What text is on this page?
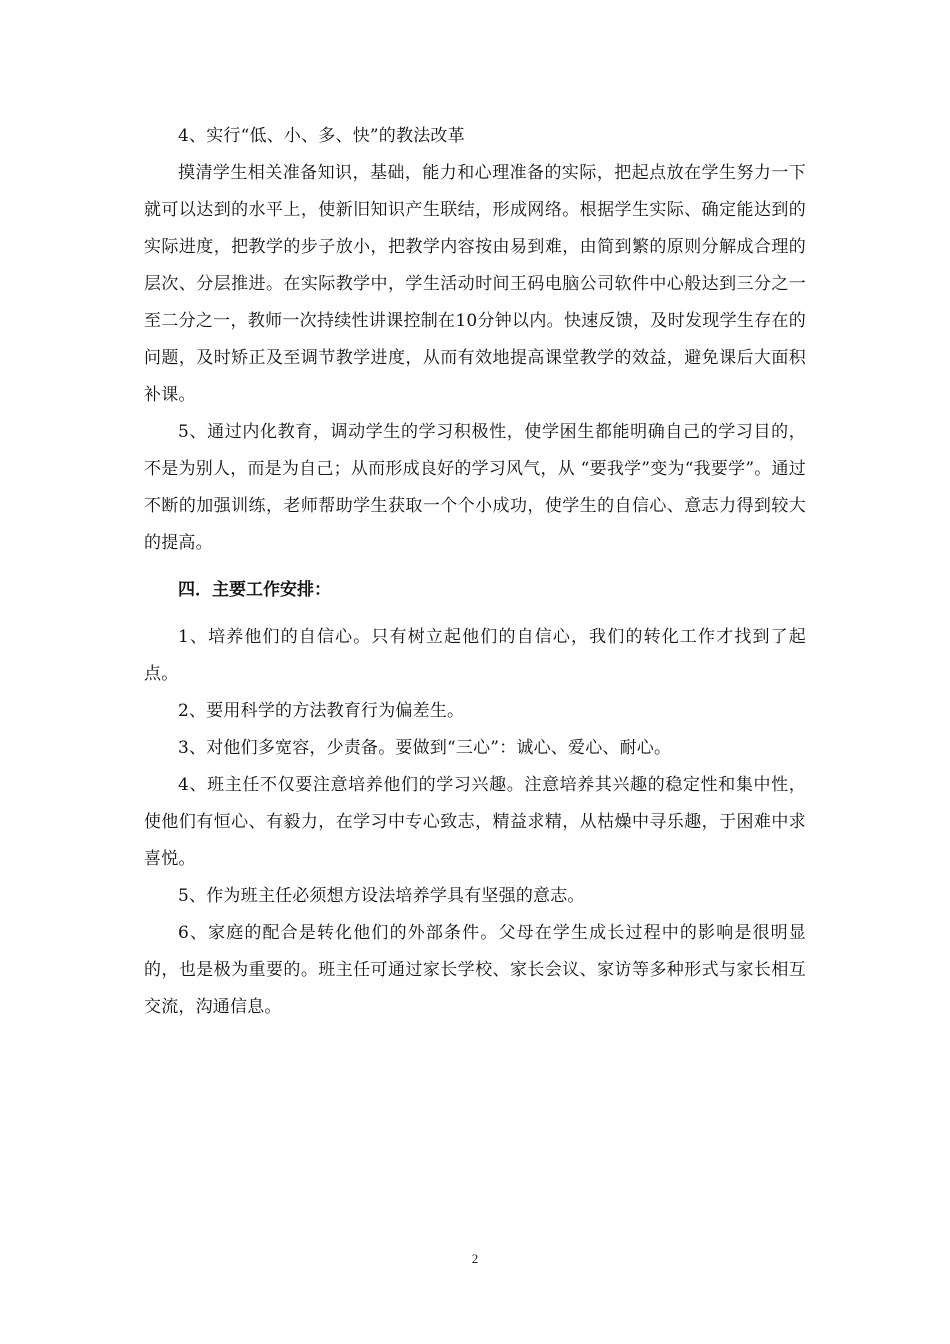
4、实行“低、小、多、快”的教法改革

摸清学生相关准备知识，基础，能力和心理准备的实际，把起点放在学生努力一下就可以达到的水平上，使新旧知识产生联结，形成网络。根据学生实际、确定能达到的实际进度，把教学的步子放小，把教学内容按由易到难，由简到繁的原则分解成合理的层次、分层推进。在实际教学中，学生活动时间王码电脑公司软件中心般达到三分之一至二分之一，教师一次持续性讲课控制在10分钟以内。快速反馈，及时发现学生存在的问题，及时矫正及至调节教学进度，从而有效地提高课堂教学的效益，避免课后大面积补课。

5、通过内化教育，调动学生的学习积极性，使学困生都能明确自己的学习目的，不是为别人，而是为自己；从而形成良好的学习风气，从 “要我学”变为“我要学”。通过不断的加强训练，老师帮助学生获取一个个小成功，使学生的自信心、意志力得到较大的提高。

四．主要工作安排：

1、培养他们的自信心。只有树立起他们的自信心，我们的转化工作才找到了起点。

2、要用科学的方法教育行为偏差生。

3、对他们多宽容，少责备。要做到“三心”：诚心、爱心、耐心。

4、班主任不仅要注意培养他们的学习兴趣。注意培养其兴趣的稳定性和集中性，使他们有恒心、有毅力，在学习中专心致志，精益求精，从枯燥中寻乐趣，于困难中求喜悦。

5、作为班主任必须想方设法培养学具有坚强的意志。

6、家庭的配合是转化他们的外部条件。父母在学生成长过程中的影响是很明显的，也是极为重要的。班主任可通过家长学校、家长会议、家访等多种形式与家长相互交流，沟通信息。

2
